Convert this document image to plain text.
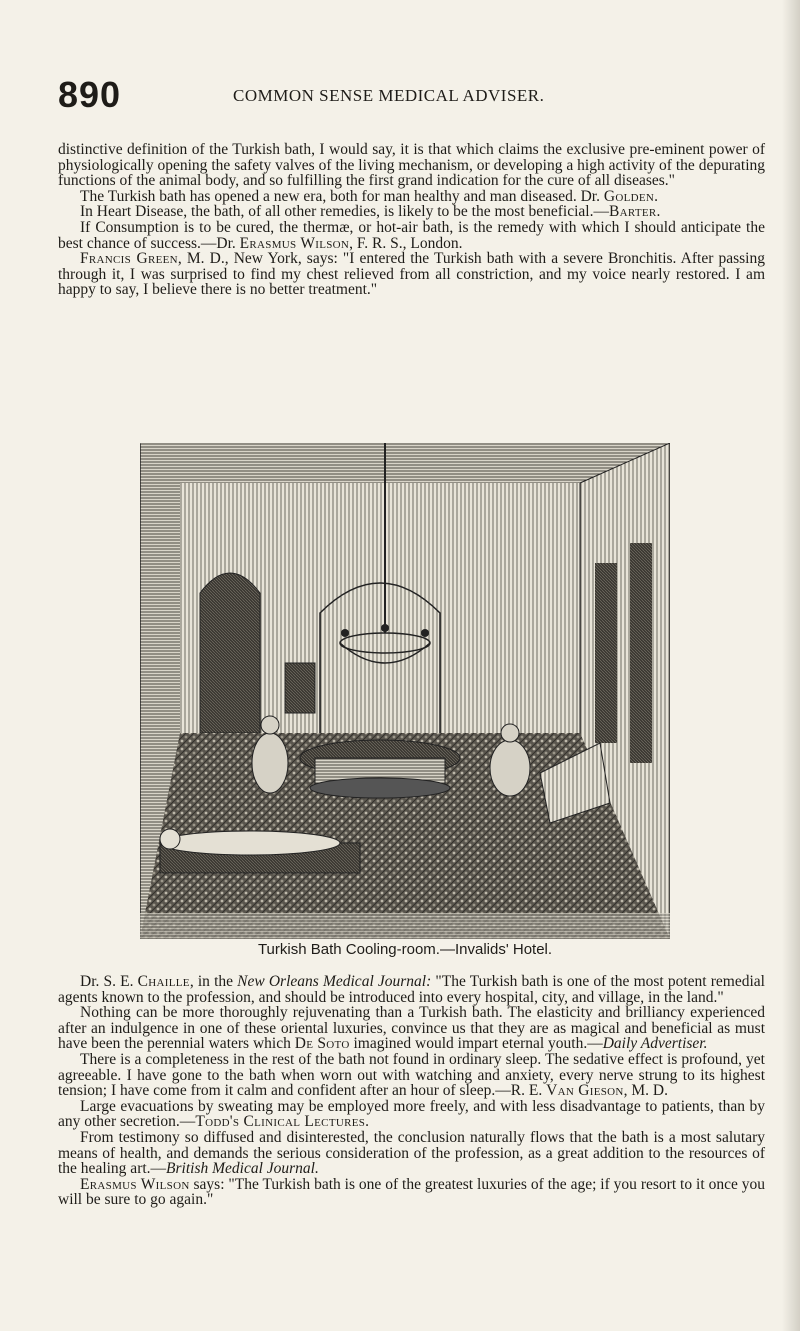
890	COMMON SENSE MEDICAL ADVISER.

distinctive definition of the Turkish bath, I would say, it is that which claims the exclusive pre-eminent power of physiologically opening the safety valves of the living mechanism, or developing a high activity of the depurating functions of the animal body, and so fulfilling the first grand indication for the cure of all diseases."

The Turkish bath has opened a new era, both for man healthy and man diseased. Dr. Golden.

In Heart Disease, the bath, of all other remedies, is likely to be the most beneficial.—Barter.

If Consumption is to be cured, the thermæ, or hot-air bath, is the remedy with which I should anticipate the best chance of success.—Dr. Erasmus Wilson, F. R. S., London.

Francis Green, M. D., New York, says: "I entered the Turkish bath with a severe Bronchitis. After passing through it, I was surprised to find my chest relieved from all constriction, and my voice nearly restored. I am happy to say, I believe there is no better treatment."

Turkish Bath Cooling-room.—Invalids' Hotel.

Dr. S. E. Chaille, in the New Orleans Medical Journal: "The Turkish bath is one of the most potent remedial agents known to the profession, and should be introduced into every hospital, city, and village, in the land."

Nothing can be more thoroughly rejuvenating than a Turkish bath. The elasticity and brilliancy experienced after an indulgence in one of these oriental luxuries, convince us that they are as magical and beneficial as must have been the perennial waters which De Soto imagined would impart eternal youth.—Daily Advertiser.

There is a completeness in the rest of the bath not found in ordinary sleep. The sedative effect is profound, yet agreeable. I have gone to the bath when worn out with watching and anxiety, every nerve strung to its highest tension; I have come from it calm and confident after an hour of sleep.—R. E. Van Gieson, M. D.

Large evacuations by sweating may be employed more freely, and with less disadvantage to patients, than by any other secretion.—Todd's Clinical Lectures.

From testimony so diffused and disinterested, the conclusion naturally flows that the bath is a most salutary means of health, and demands the serious consideration of the profession, as a great addition to the resources of the healing art.—British Medical Journal.

Erasmus Wilson says: "The Turkish bath is one of the greatest luxuries of the age; if you resort to it once you will be sure to go again."
